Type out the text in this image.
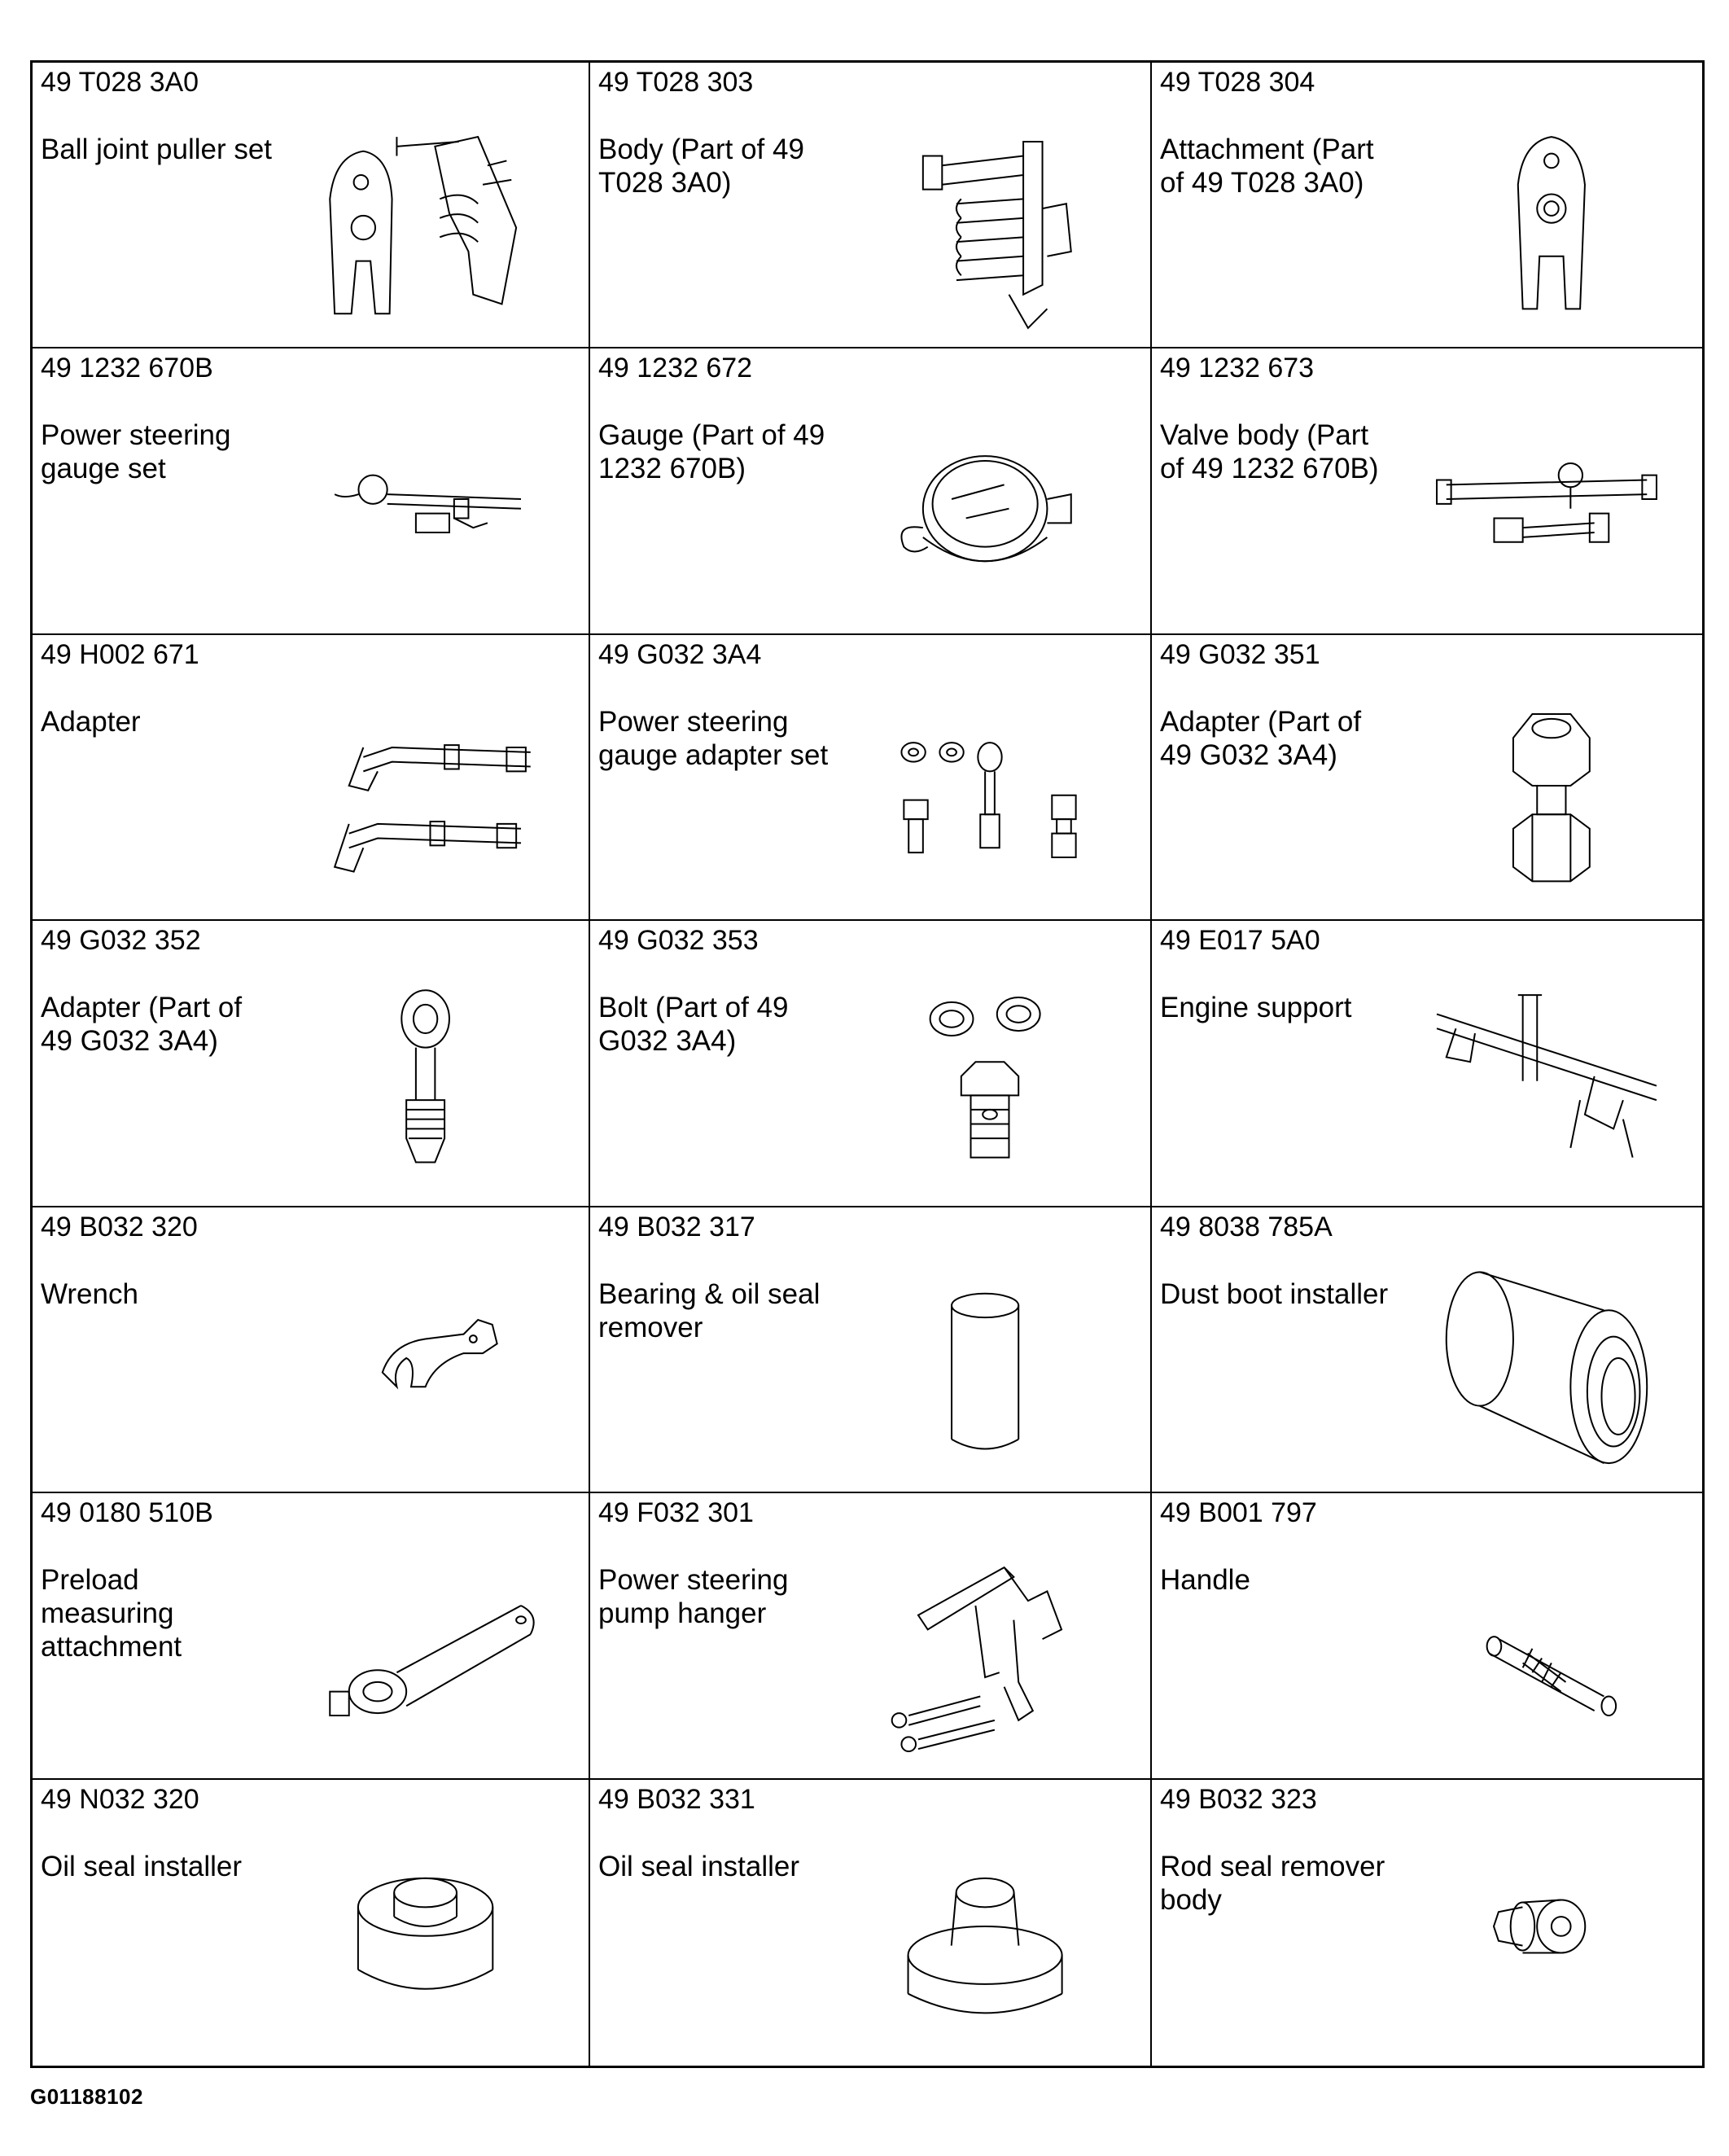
49 T028 3A0
Ball joint puller set
49 T028 303
Body (Part of 49 T028 3A0)
49 T028 304
Attachment (Part of 49 T028 3A0)
49 1232 670B
Power steering gauge set
49 1232 672
Gauge (Part of 49 1232 670B)
49 1232 673
Valve body (Part of 49 1232 670B)
49 H002 671
Adapter
49 G032 3A4
Power steering gauge adapter set
49 G032 351
Adapter (Part of 49 G032 3A4)
49 G032 352
Adapter (Part of 49 G032 3A4)
49 G032 353
Bolt (Part of 49 G032 3A4)
49 E017 5A0
Engine support
49 B032 320
Wrench
49 B032 317
Bearing & oil seal remover
49 8038 785A
Dust boot installer
49 0180 510B
Preload measuring attachment
49 F032 301
Power steering pump hanger
49 B001 797
Handle
49 N032 320
Oil seal installer
49 B032 331
Oil seal installer
49 B032 323
Rod seal remover body
G01188102
